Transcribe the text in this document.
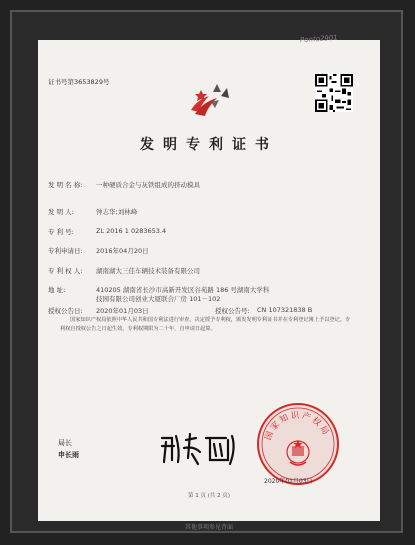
Ponto2901
证书号第3653829号
发明专利证书
发 明 名 称: 一种硬质合金与灰铁组成的挤动模具
发 明 人:	钟志华;刘林峰
专 利 号:	ZL 2016 1 0283653.4
专利申请日: 2016年04月20日
专 利 权 人: 湖南湖大三佳车辆技术装备有限公司
地 址:	410205 湖南省长沙市高新开发区谷苑路 186 号湖南大学科
技园有限公司创业大厦联合厂房 101－102
授权公告日: 2020年01月03日	授权公告号: CN 107321838 B
国家知识产权局依照中华人民共和国专利法进行审查，决定授予专利权，颁发发明专利证书并在专利登记簿上予以登记。专利权自授权公告之日起生效。专利权期限为二十年，自申请日起算。
局长
申长雨
国家知识产权局
2020年01月03日
第 1 页 (共 2 页)
其他事项参见背面
